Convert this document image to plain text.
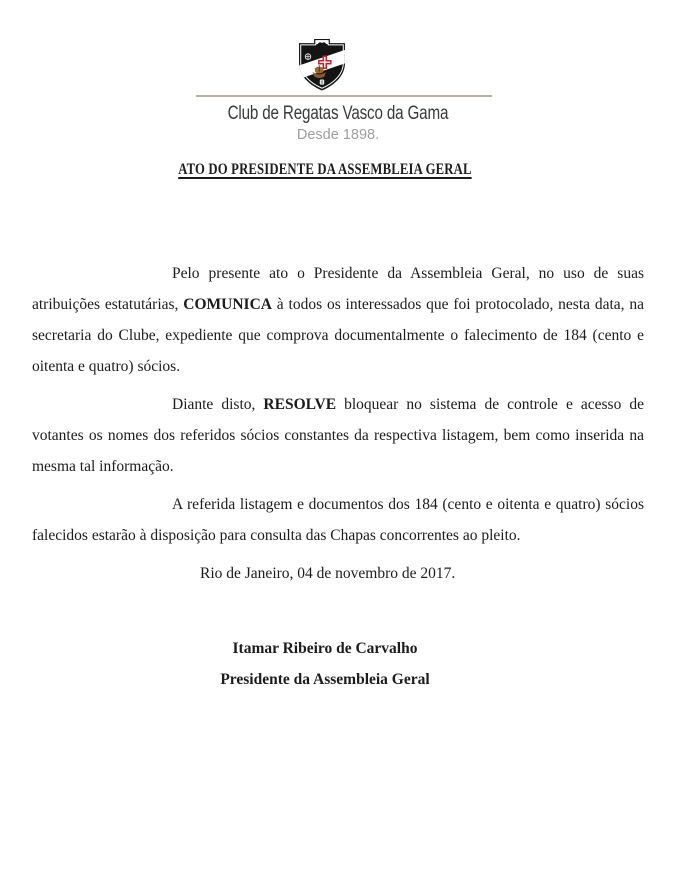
Club de Regatas Vasco da Gama
Desde 1898.
ATO DO PRESIDENTE DA ASSEMBLEIA GERAL

Pelo presente ato o Presidente da Assembleia Geral, no uso de suas atribuições estatutárias, COMUNICA à todos os interessados que foi protocolado, nesta data, na secretaria do Clube, expediente que comprova documentalmente o falecimento de 184 (cento e oitenta e quatro) sócios.

Diante disto, RESOLVE bloquear no sistema de controle e acesso de votantes os nomes dos referidos sócios constantes da respectiva listagem, bem como inserida na mesma tal informação.

A referida listagem e documentos dos 184 (cento e oitenta e quatro) sócios falecidos estarão à disposição para consulta das Chapas concorrentes ao pleito.

Rio de Janeiro, 04 de novembro de 2017.
Itamar Ribeiro de Carvalho
Presidente da Assembleia Geral
